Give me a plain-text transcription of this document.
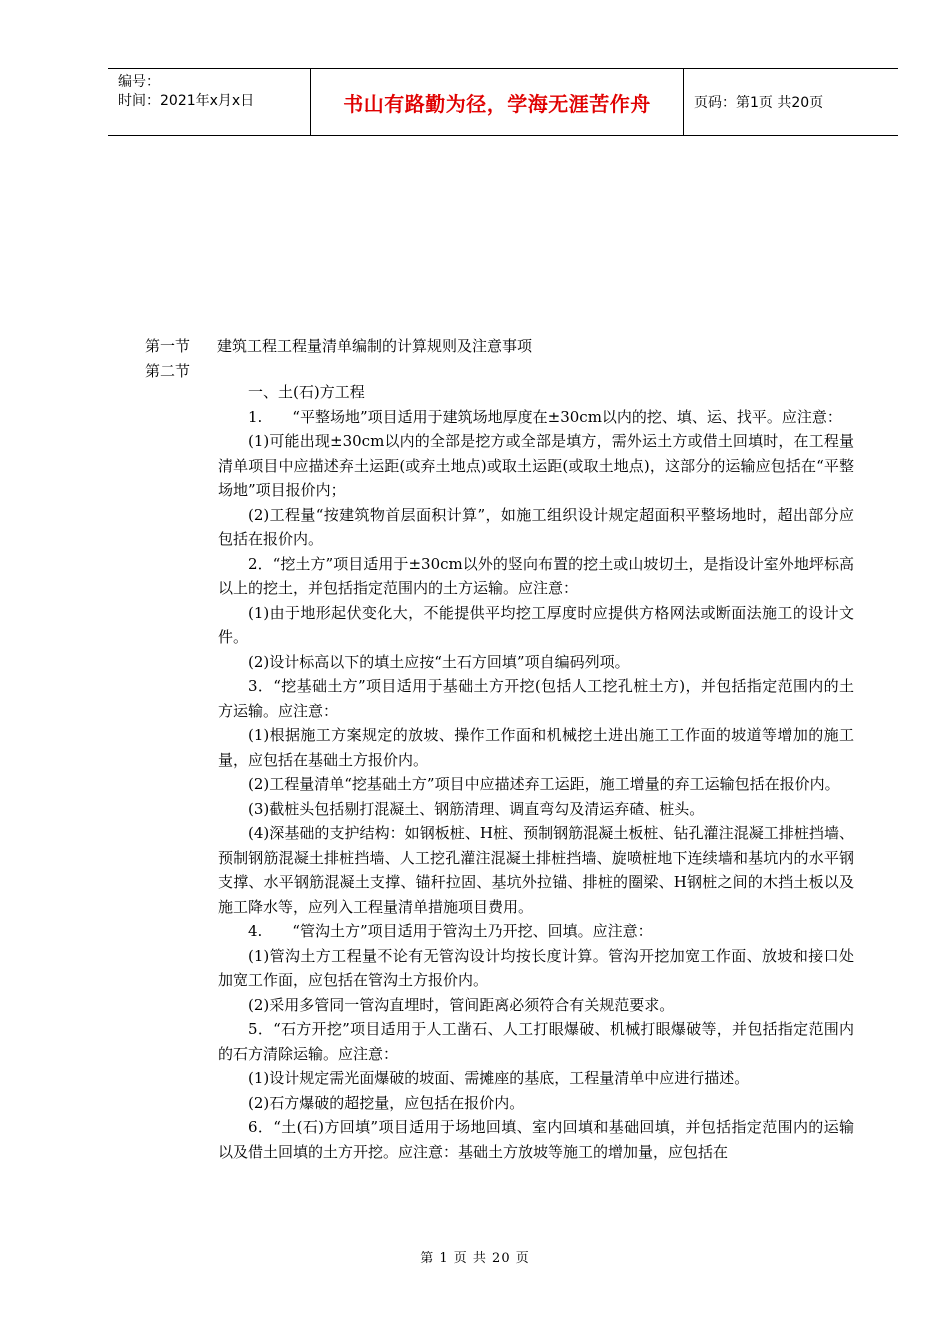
编号：
时间：2021年x月x日	书山有路勤为径，学海无涯苦作舟	页码：第1页 共20页
第一节 建筑工程工程量清单编制的计算规则及注意事项
第二节

一、土(石)方工程

1.　　“平整场地”项目适用于建筑场地厚度在±30cm以内的挖、填、运、找平。应注意：

(1)可能出现±30cm以内的全部是挖方或全部是填方，需外运土方或借土回填时，在工程量清单项目中应描述弃土运距(或弃土地点)或取土运距(或取土地点)，这部分的运输应包括在“平整场地”项目报价内；

(2)工程量“按建筑物首层面积计算”，如施工组织设计规定超面积平整场地时，超出部分应包括在报价内。

2．“挖土方”项目适用于±30cm以外的竖向布置的挖土或山坡切土，是指设计室外地坪标高以上的挖土，并包括指定范围内的土方运输。应注意：

(1)由于地形起伏变化大，不能提供平均挖工厚度时应提供方格网法或断面法施工的设计文件。

(2)设计标高以下的填土应按“土石方回填”项自编码列项。

3．“挖基础土方”项目适用于基础土方开挖(包括人工挖孔桩土方)，并包括指定范围内的土方运输。应注意：

(1)根据施工方案规定的放坡、操作工作面和机械挖土进出施工工作面的坡道等增加的施工量，应包括在基础土方报价内。

(2)工程量清单“挖基础土方”项目中应描述弃工运距，施工增量的弃工运输包括在报价内。

(3)截桩头包括剔打混凝土、钢筋清理、调直弯勾及清运弃碴、桩头。

(4)深基础的支护结构：如钢板桩、H桩、预制钢筋混凝土板桩、钻孔灌注混凝工排桩挡墙、预制钢筋混凝土排桩挡墙、人工挖孔灌注混凝土排桩挡墙、旋喷桩地下连续墙和基坑内的水平钢支撑、水平钢筋混凝土支撑、锚秆拉固、基坑外拉锚、排桩的圈梁、H钢桩之间的木挡土板以及施工降水等，应列入工程量清单措施项目费用。

4.　　“管沟土方”项目适用于管沟土乃开挖、回填。应注意：

(1)管沟土方工程量不论有无管沟设计均按长度计算。管沟开挖加宽工作面、放坡和接口处加宽工作面，应包括在管沟土方报价内。

(2)采用多管同一管沟直埋时，管间距离必须符合有关规范要求。

5．“石方开挖”项目适用于人工凿石、人工打眼爆破、机械打眼爆破等，并包括指定范围内的石方清除运输。应注意：

(1)设计规定需光面爆破的坡面、需摊座的基底，工程量清单中应进行描述。

(2)石方爆破的超挖量，应包括在报价内。

6．“土(石)方回填”项目适用于场地回填、室内回填和基础回填，并包括指定范围内的运输以及借土回填的土方开挖。应注意：基础土方放坡等施工的增加量，应包括在

第 1 页 共 20 页
